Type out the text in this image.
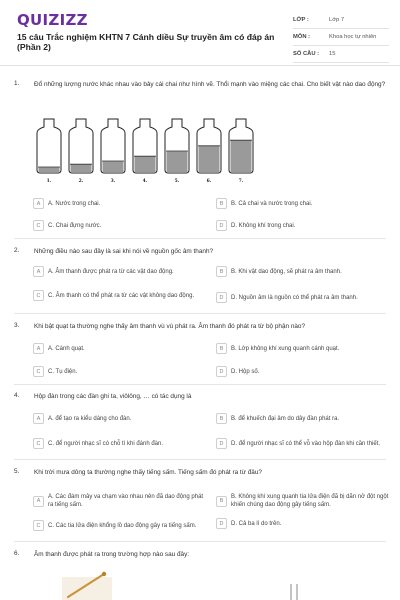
QUIZIZZ
15 câu Trắc nghiệm KHTN 7 Cánh diều Sự truyền âm có đáp án (Phần 2)
LỚP :	Lớp 7
MÔN :	Khoa học tự nhiên
SỐ CÂU :	15
1. Đổ những lượng nước khác nhau vào bảy cái chai như hình vẽ. Thổi mạnh vào miệng các chai. Cho biết vật nào dao động?
1.	2.	3.	4.	5.	6.	7.
A	A. Nước trong chai.	B	B. Cả chai và nước trong chai.
C	C. Chai đựng nước.	D	D. Không khí trong chai.
2. Những điều nào sau đây là sai khi nói về nguồn gốc âm thanh?
A	A. Âm thanh được phát ra từ các vật dao động.	B	B. Khi vật dao động, sẽ phát ra âm thanh.
C	C. Âm thanh có thể phát ra từ các vật không dao động.	D	D. Nguồn âm là nguồn có thể phát ra âm thanh.
3. Khi bật quạt ta thường nghe thấy âm thanh vù vù phát ra. Âm thanh đó phát ra từ bộ phận nào?
A	A. Cánh quạt.	B	B. Lớp không khí xung quanh cánh quạt.
C	C. Tụ điện.	D	D. Hộp số.
4. Hộp đàn trong các đàn ghi ta, viôlông, … có tác dụng là
A	A. để tạo ra kiểu dáng cho đàn.	B	B. để khuếch đại âm do dây đàn phát ra.
C	C. để người nhạc sĩ có chỗ tì khi đánh đàn.	D	D. để người nhạc sĩ có thể vỗ vào hộp đàn khi cần thiết.
5. Khi trời mưa dông ta thường nghe thấy tiếng sấm. Tiếng sấm đó phát ra từ đâu?
A
A. Các đám mây va chạm vào nhau nên đã dao động phát ra tiếng sấm.
B
B. Không khí xung quanh tia lửa điện đã bị dãn nở đột ngột khiến chúng dao động gây tiếng sấm.
C	C. Các tia lửa điện khổng lồ dao động gây ra tiếng sấm.	D	D. Cả ba lí do trên.
6. Âm thanh được phát ra trong trường hợp nào sau đây:
